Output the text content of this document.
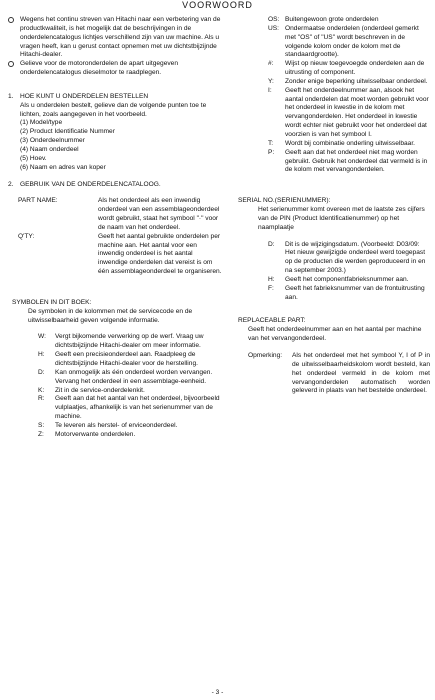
VOORWOORD
Wegens het continu streven van Hitachi naar een verbetering van de productkwaliteit, is het mogelijk dat de beschrijvingen in de onderdelencatalogus lichtjes verschillend zijn van uw machine. Als u vragen heeft, kan u gerust contact opnemen met uw dichtstbijzijnde Hitachi-dealer.
Gelieve voor de motoronderdelen de apart uitgegeven onderdelencatalogus dieselmotor te raadplegen.
1. HOE KUNT U ONDERDELEN BESTELLEN
Als u onderdelen bestelt, gelieve dan de volgende punten toe te lichten, zoals aangegeven in het voorbeeld.
(1) Model/type
(2) Product Identificatie Nummer
(3) Onderdeelnummer
(4) Naam onderdeel
(5) Hoev.
(6) Naam en adres van koper
2. GEBRUIK VAN DE ONDERDELENCATALOOG.
PART NAME:	Als het onderdeel als een inwendig onderdeel van een assemblageonderdeel wordt gebruikt, staat het symbool "·" voor de naam van het onderdeel.
Q'TY:	Geeft het aantal gebruikte onderdelen per machine aan. Het aantal voor een inwendig onderdeel is het aantal inwendige onderdelen dat vereist is om één assemblageonderdeel te organiseren.
SYMBOLEN IN DIT BOEK:
De symbolen in de kolommen met de servicecode en de uitwisselbaarheid geven volgende informatie.
W:	Vergt bijkomende verwerking op de werf. Vraag uw dichtstbijzijnde Hitachi-dealer om meer informatie.
H:	Geeft een precisieonderdeel aan. Raadpleeg de dichtstbijzijnde Hitachi-dealer voor de herstelling.
D:	Kan onmogelijk als één onderdeel worden vervangen. Vervang het onderdeel in een assemblage-eenheid.
K:	Zit in de service-onderdelenkit.
R:	Geeft aan dat het aantal van het onderdeel, bijvoorbeeld vulplaatjes, afhankelijk is van het serienummer van de machine.
S:	Te leveren als herstel- of erviceonderdeel.
Z:	Motorverwante onderdelen.
OS: Buitengewoon grote onderdelen
US: Ondermaatse onderdelen (onderdeel gemerkt met "OS" of "US" wordt beschreven in de volgende kolom onder de kolom met de standaardgrootte).
#:	Wijst op nieuw toegevoegde onderdelen aan de uitrusting of component.
Y:	Zonder enige beperking uitwisselbaar onderdeel.
I:	Geeft het onderdeelnummer aan, alsook het aantal onderdelen dat moet worden gebruikt voor het onderdeel in kwestie in de kolom met vervangonderdelen. Het onderdeel in kwestie wordt echter niet gebruikt voor het onderdeel dat voorzien is van het symbool I.
T:	Wordt bij combinatie onderling uitwisselbaar.
P:	Geeft aan dat het onderdeel niet mag worden gebruikt. Gebruik het onderdeel dat vermeld is in de kolom met vervangonderdelen.
SERIAL NO.(SERIENUMMER):
Het serienummer komt overeen met de laatste zes cijfers van de PIN (Product Identificatienummer) op het naamplaatje
D:	Dit is de wijzigingsdatum. (Voorbeeld: D03/09: Het nieuw gewijzigde onderdeel werd toegepast op de producten die werden geproduceerd in en na september 2003.)
H:	Geeft het componentfabrieksnummer aan.
F:	Geeft het fabrieksnummer van de frontuitrusting aan.
REPLACEABLE PART:
Geeft het onderdeelnummer aan en het aantal per machine van het vervangonderdeel.
Opmerking:	Als het onderdeel met het symbool Y, I of P in de uitwisselbaarheidskolom wordt besteld, kan het onderdeel vermeld in de kolom met vervangonderdelen automatisch worden geleverd in plaats van het bestelde onderdeel.
- 3 -
